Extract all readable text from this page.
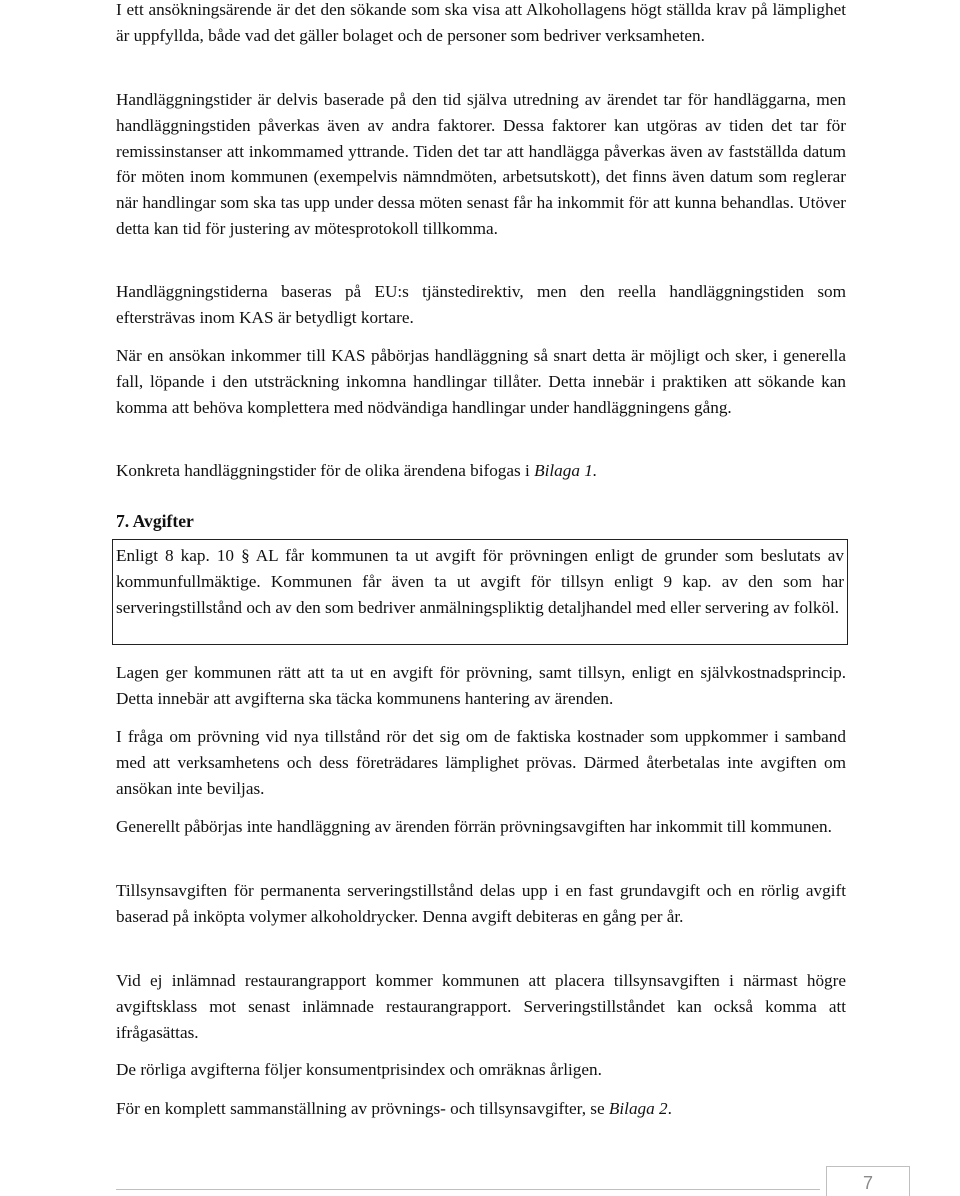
I ett ansökningsärende är det den sökande som ska visa att Alkohollagens högt ställda krav på lämplighet är uppfyllda, både vad det gäller bolaget och de personer som bedriver verksamheten.

Handläggningstider är delvis baserade på den tid själva utredning av ärendet tar för handläggarna, men handläggningstiden påverkas även av andra faktorer. Dessa faktorer kan utgöras av tiden det tar för remissinstanser att inkommamed yttrande. Tiden det tar att handlägga påverkas även av fastställda datum för möten inom kommunen (exempelvis nämndmöten, arbetsutskott), det finns även datum som reglerar när handlingar som ska tas upp under dessa möten senast får ha inkommit för att kunna behandlas. Utöver detta kan tid för justering av mötesprotokoll tillkomma.

Handläggningstiderna baseras på EU:s tjänstedirektiv, men den reella handläggningstiden som eftersträvas inom KAS är betydligt kortare.

När en ansökan inkommer till KAS påbörjas handläggning så snart detta är möjligt och sker, i generella fall, löpande i den utsträckning inkomna handlingar tillåter. Detta innebär i praktiken att sökande kan komma att behöva komplettera med nödvändiga handlingar under handläggningens gång.

Konkreta handläggningstider för de olika ärendena bifogas i Bilaga 1.

7. Avgifter

Enligt 8 kap. 10 § AL får kommunen ta ut avgift för prövningen enligt de grunder som beslutats av kommunfullmäktige. Kommunen får även ta ut avgift för tillsyn enligt 9 kap. av den som har serveringstillstånd och av den som bedriver anmälningspliktig detaljhandel med eller servering av folköl.

Lagen ger kommunen rätt att ta ut en avgift för prövning, samt tillsyn, enligt en självkostnadsprincip. Detta innebär att avgifterna ska täcka kommunens hantering av ärenden.

I fråga om prövning vid nya tillstånd rör det sig om de faktiska kostnader som uppkommer i samband med att verksamhetens och dess företrädares lämplighet prövas. Därmed återbetalas inte avgiften om ansökan inte beviljas.

Generellt påbörjas inte handläggning av ärenden förrän prövningsavgiften har inkommit till kommunen.

Tillsynsavgiften för permanenta serveringstillstånd delas upp i en fast grundavgift och en rörlig avgift baserad på inköpta volymer alkoholdrycker. Denna avgift debiteras en gång per år.

Vid ej inlämnad restaurangrapport kommer kommunen att placera tillsynsavgiften i närmast högre avgiftsklass mot senast inlämnade restaurangrapport. Serveringstillståndet kan också komma att ifrågasättas.

De rörliga avgifterna följer konsumentprisindex och omräknas årligen.

För en komplett sammanställning av prövnings- och tillsynsavgifter, se Bilaga 2.

7
